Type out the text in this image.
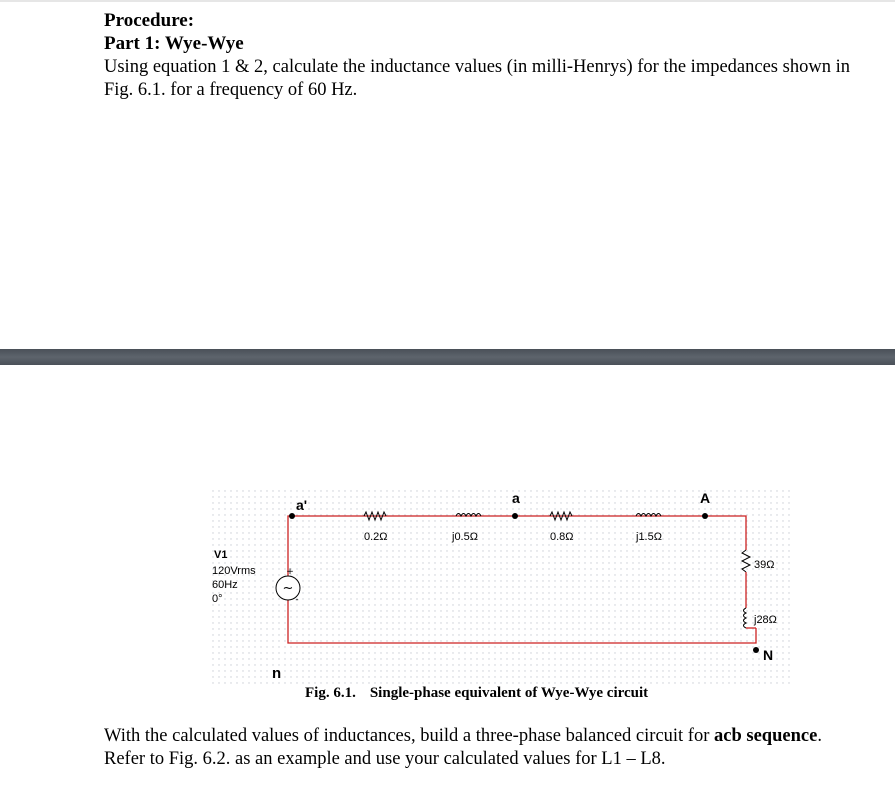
Procedure:
Part 1: Wye-Wye
Using equation 1 & 2, calculate the inductance values (in milli-Henrys) for the impedances shown in Fig. 6.1. for a frequency of 60 Hz.
~
+
-
a'	a	A
n
N
0.2Ω	j0.5Ω	0.8Ω	j1.5Ω
39Ω
j28Ω
V1
120Vrms
60Hz
0°
Fig. 6.1. Single-phase equivalent of Wye-Wye circuit
With the calculated values of inductances, build a three-phase balanced circuit for acb sequence. Refer to Fig. 6.2. as an example and use your calculated values for L1 – L8.
